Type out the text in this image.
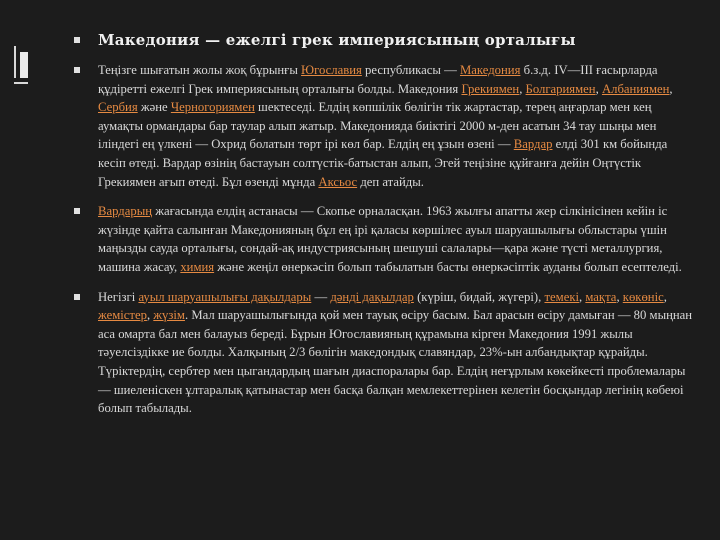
Македония — ежелгі грек империясының орталығы
Теңізге шығатын жолы жоқ бұрынғы Югославия республикасы — Македония б.з.д. IV—III ғасырларда құдіретті ежелгі Грек империясының орталығы болды. Македония Грекиямен, Болгариямен, Албаниямен, Сербия және Черногориямен шектеседі. Елдің көпшілік бөлігін тік жартастар, терең аңғарлар мен кең аумақты ормандары бар таулар алып жатыр. Македонияда биіктігі 2000 м-ден асатын 34 тау шыңы мен іліндегі ең үлкені — Охрид болатын төрт ірі көл бар. Елдің ең ұзын өзені — Вардар елді 301 км бойында кесіп өтеді. Вардар өзінің бастауын солтүстік-батыстан алып, Эгей теңізіне құйғанға дейін Оңтүстік Грекиямен ағып өтеді. Бұл өзенді мұнда Аксьос деп атайды.
Вардарың жағасында елдің астанасы — Скопье орналасқан. 1963 жылғы апатты жер сілкінісінен кейін іс жүзінде қайта салынған Македонияның бұл ең ірі қаласы көршілес ауыл шаруашылығы облыстары үшін маңызды сауда орталығы, сондай-ақ индустриясының шешуші салалары—қара және түсті металлургия, машина жасау, химия және жеңіл өнеркәсіп болып табылатын басты өнеркәсіптік ауданы болып есептеледі.
Негізгі ауыл шаруашылығы дақылдары — дәнді дақылдар (күріш, бидай, жүгері), темекі, мақта, көкөніс, жемістер, жүзім. Мал шаруашылығында қой мен тауық өсіру басым. Бал арасын өсіру дамыған — 80 мыңнан аса омарта бал мен балауыз береді. Бұрын Югославияның құрамына кірген Македония 1991 жылы тәуелсіздікке ие болды. Халқының 2/3 бөлігін македондық славяндар, 23%-ын албандықтар құрайды. Түріктердің, сербтер мен цыгандардың шағын диаспоралары бар. Елдің неғұрлым көкейкесті проблемалары — шиеленіскен ұлтаралық қатынастар мен басқа балқан мемлекеттерінен келетін босқындар легінің көбеюі болып табылады.
